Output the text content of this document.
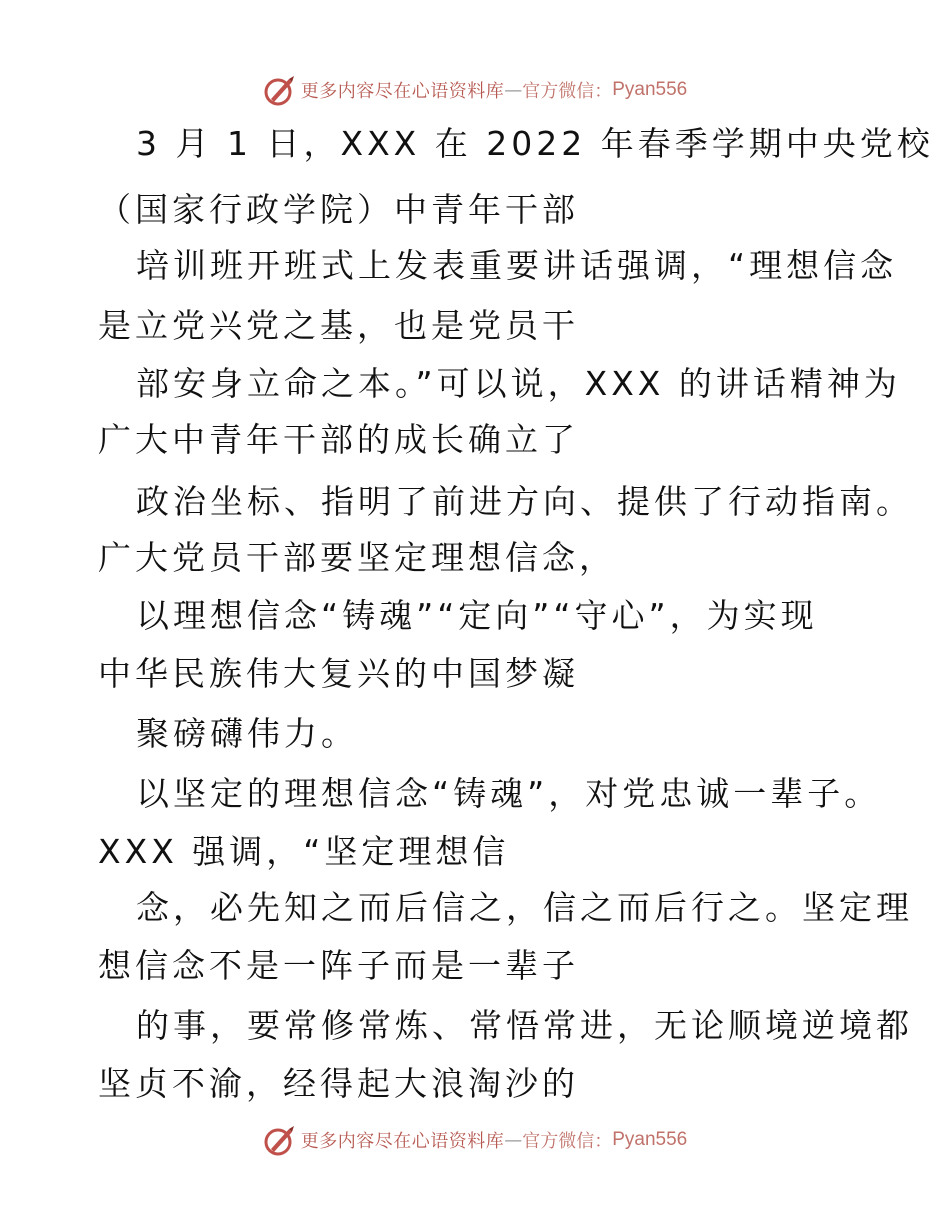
更多内容尽在心语资料库 — 官方微信： Pyan556
3 月 1 日，XXX 在 2022 年春季学期中央党校
（国家行政学院）中青年干部
培训班开班式上发表重要讲话强调，“理想信念
是立党兴党之基，也是党员干
部安身立命之本。”可以说，XXX 的讲话精神为
广大中青年干部的成长确立了
政治坐标、指明了前进方向、提供了行动指南。
广大党员干部要坚定理想信念，
以理想信念“铸魂”“定向”“守心”，为实现
中华民族伟大复兴的中国梦凝
聚磅礴伟力。
以坚定的理想信念“铸魂”，对党忠诚一辈子。
XXX 强调，“坚定理想信
念，必先知之而后信之，信之而后行之。坚定理
想信念不是一阵子而是一辈子
的事，要常修常炼、常悟常进，无论顺境逆境都
坚贞不渝，经得起大浪淘沙的
更多内容尽在心语资料库 — 官方微信： Pyan556
